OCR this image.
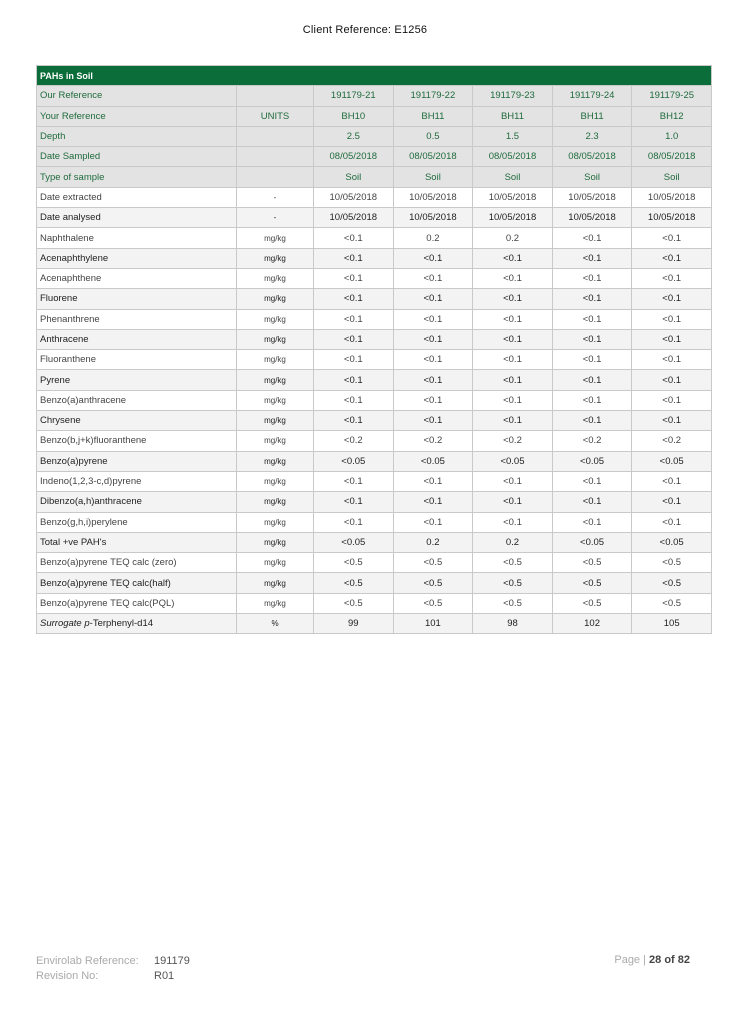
Client Reference: E1256
PAHs in Soil						
Our Reference		191179-21	191179-22	191179-23	191179-24	191179-25
Your Reference	UNITS	BH10	BH11	BH11	BH11	BH12
Depth		2.5	0.5	1.5	2.3	1.0
Date Sampled		08/05/2018	08/05/2018	08/05/2018	08/05/2018	08/05/2018
Type of sample		Soil	Soil	Soil	Soil	Soil
Date extracted	-	10/05/2018	10/05/2018	10/05/2018	10/05/2018	10/05/2018
Date analysed	-	10/05/2018	10/05/2018	10/05/2018	10/05/2018	10/05/2018
Naphthalene	mg/kg	<0.1	0.2	0.2	<0.1	<0.1
Acenaphthylene	mg/kg	<0.1	<0.1	<0.1	<0.1	<0.1
Acenaphthene	mg/kg	<0.1	<0.1	<0.1	<0.1	<0.1
Fluorene	mg/kg	<0.1	<0.1	<0.1	<0.1	<0.1
Phenanthrene	mg/kg	<0.1	<0.1	<0.1	<0.1	<0.1
Anthracene	mg/kg	<0.1	<0.1	<0.1	<0.1	<0.1
Fluoranthene	mg/kg	<0.1	<0.1	<0.1	<0.1	<0.1
Pyrene	mg/kg	<0.1	<0.1	<0.1	<0.1	<0.1
Benzo(a)anthracene	mg/kg	<0.1	<0.1	<0.1	<0.1	<0.1
Chrysene	mg/kg	<0.1	<0.1	<0.1	<0.1	<0.1
Benzo(b,j+k)fluoranthene	mg/kg	<0.2	<0.2	<0.2	<0.2	<0.2
Benzo(a)pyrene	mg/kg	<0.05	<0.05	<0.05	<0.05	<0.05
Indeno(1,2,3-c,d)pyrene	mg/kg	<0.1	<0.1	<0.1	<0.1	<0.1
Dibenzo(a,h)anthracene	mg/kg	<0.1	<0.1	<0.1	<0.1	<0.1
Benzo(g,h,i)perylene	mg/kg	<0.1	<0.1	<0.1	<0.1	<0.1
Total +ve PAH's	mg/kg	<0.05	0.2	0.2	<0.05	<0.05
Benzo(a)pyrene TEQ calc (zero)	mg/kg	<0.5	<0.5	<0.5	<0.5	<0.5
Benzo(a)pyrene TEQ calc(half)	mg/kg	<0.5	<0.5	<0.5	<0.5	<0.5
Benzo(a)pyrene TEQ calc(PQL)	mg/kg	<0.5	<0.5	<0.5	<0.5	<0.5
Surrogate p-Terphenyl-d14	%	99	101	98	102	105
Envirolab Reference:	191179
Revision No:	R01
Page | 28 of 82
